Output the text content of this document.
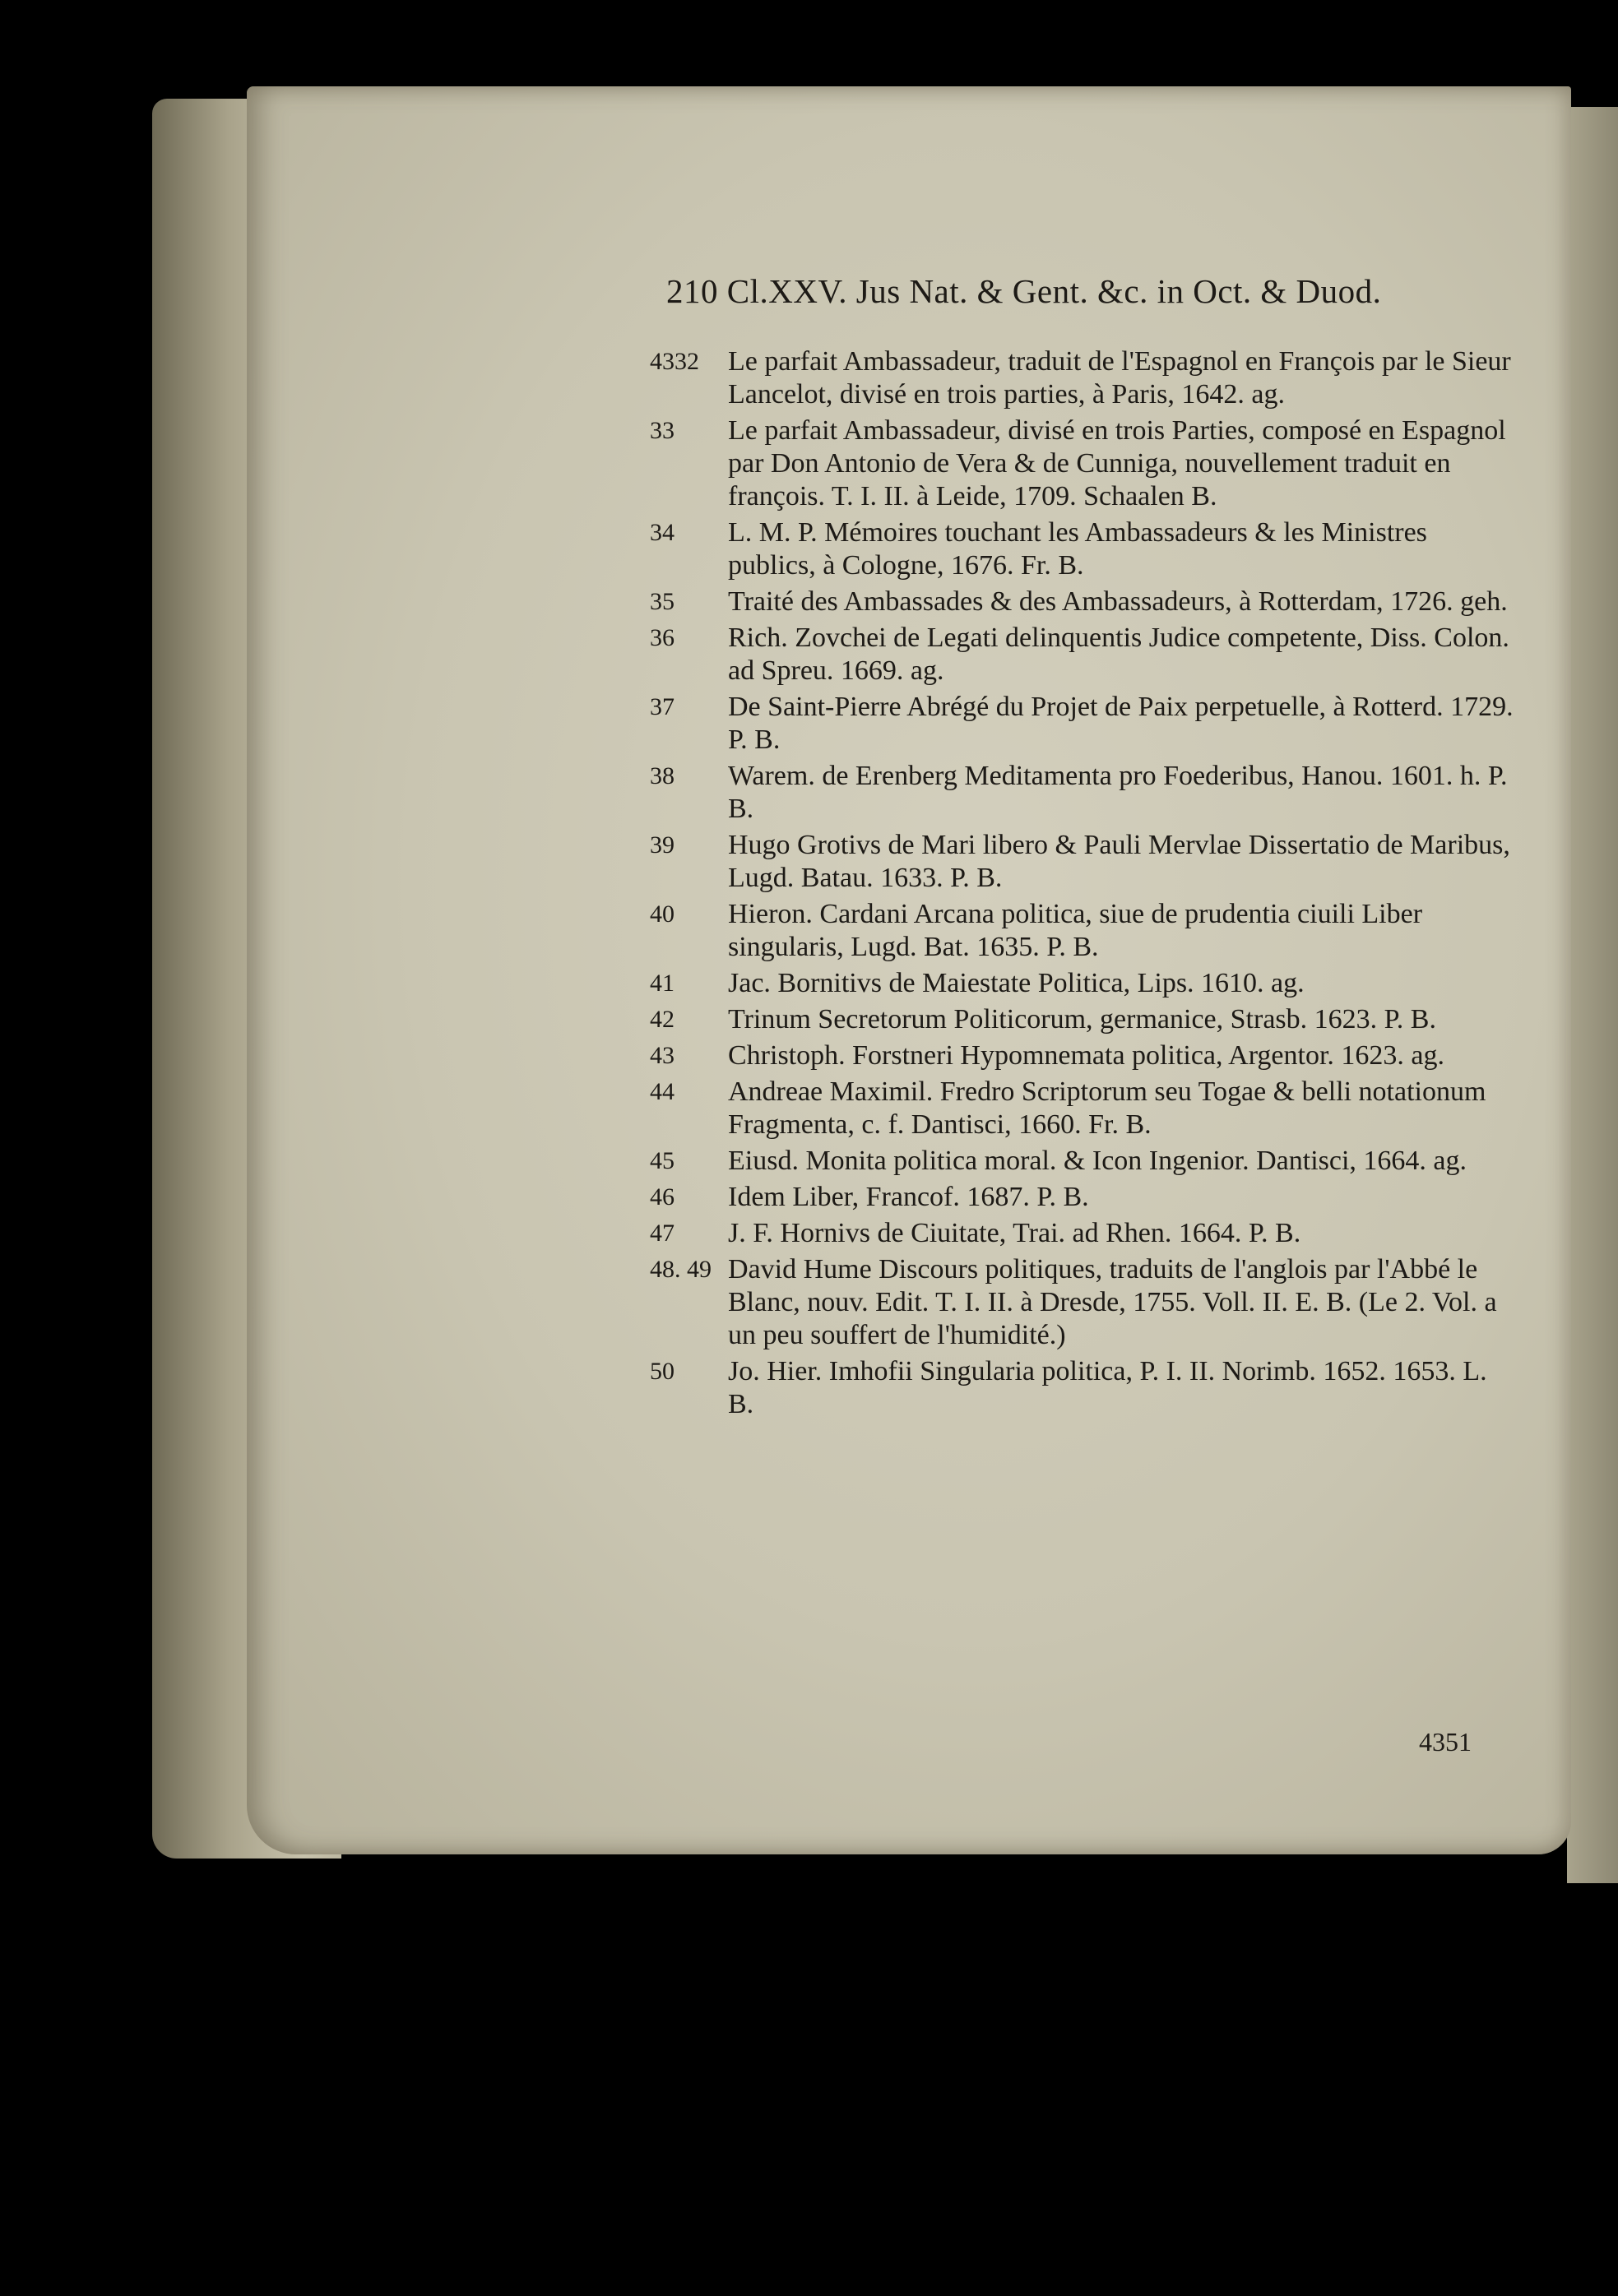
210 Cl.XXV. Jus Nat. & Gent. &c. in Oct. & Duod.
4332	Le parfait Ambassadeur, traduit de l'Espagnol en François par le Sieur Lancelot, divisé en trois parties, à Paris, 1642. ag.
33	Le parfait Ambassadeur, divisé en trois Parties, composé en Espagnol par Don Antonio de Vera & de Cunniga, nouvellement traduit en françois. T. I. II. à Leide, 1709. Schaalen B.
34	L. M. P. Mémoires touchant les Ambassadeurs & les Ministres publics, à Cologne, 1676. Fr. B.
35	Traité des Ambassades & des Ambassadeurs, à Rotterdam, 1726. geh.
36	Rich. Zovchei de Legati delinquentis Judice competente, Diss. Colon. ad Spreu. 1669. ag.
37	De Saint-Pierre Abrégé du Projet de Paix perpetuelle, à Rotterd. 1729. P. B.
38	Warem. de Erenberg Meditamenta pro Foederibus, Hanou. 1601. h. P. B.
39	Hugo Grotivs de Mari libero & Pauli Mervlae Dissertatio de Maribus, Lugd. Batau. 1633. P. B.
40	Hieron. Cardani Arcana politica, siue de prudentia ciuili Liber singularis, Lugd. Bat. 1635. P. B.
41	Jac. Bornitivs de Maiestate Politica, Lips. 1610. ag.
42	Trinum Secretorum Politicorum, germanice, Strasb. 1623. P. B.
43	Christoph. Forstneri Hypomnemata politica, Argentor. 1623. ag.
44	Andreae Maximil. Fredro Scriptorum seu Togae & belli notationum Fragmenta, c. f. Dantisci, 1660. Fr. B.
45	Eiusd. Monita politica moral. & Icon Ingenior. Dantisci, 1664. ag.
46	Idem Liber, Francof. 1687. P. B.
47	J. F. Hornivs de Ciuitate, Trai. ad Rhen. 1664. P. B.
48. 49 David Hume Discours politiques, traduits de l'anglois par l'Abbé le Blanc, nouv. Edit. T. I. II. à Dresde, 1755. Voll. II. E. B. (Le 2. Vol. a un peu souffert de l'humidité.)
50	Jo. Hier. Imhofii Singularia politica, P. I. II. Norimb. 1652. 1653. L. B.
4351
